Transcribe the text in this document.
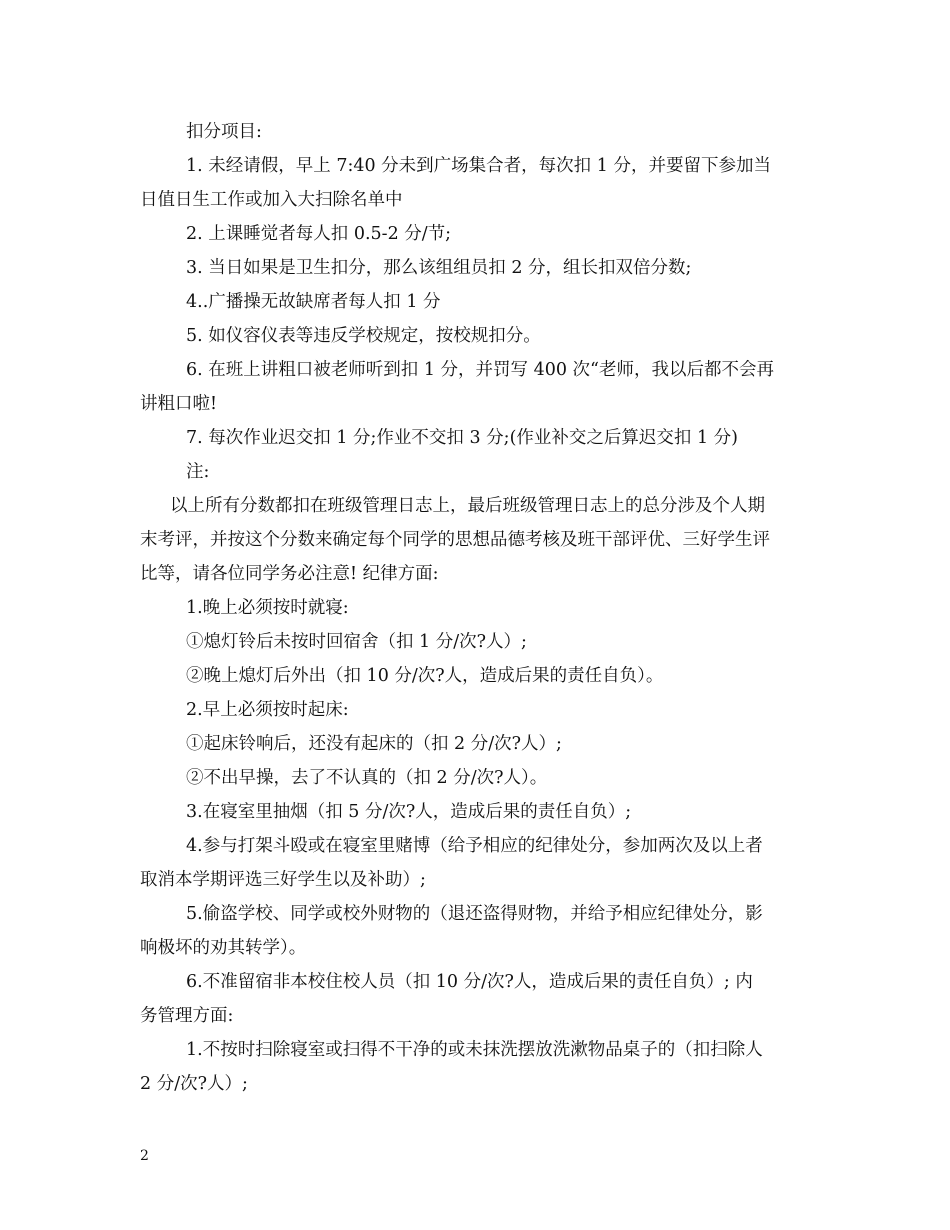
扣分项目:
1. 未经请假，早上 7:40 分未到广场集合者，每次扣 1 分，并要留下参加当
日值日生工作或加入大扫除名单中
2. 上课睡觉者每人扣 0.5-2 分/节;
3. 当日如果是卫生扣分，那么该组组员扣 2 分，组长扣双倍分数;
4..广播操无故缺席者每人扣 1 分
5. 如仪容仪表等违反学校规定，按校规扣分。
6. 在班上讲粗口被老师听到扣 1 分，并罚写 400 次“老师，我以后都不会再
讲粗口啦!
7. 每次作业迟交扣 1 分;作业不交扣 3 分;(作业补交之后算迟交扣 1 分)
注:
以上所有分数都扣在班级管理日志上，最后班级管理日志上的总分涉及个人期
末考评，并按这个分数来确定每个同学的思想品德考核及班干部评优、三好学生评
比等，请各位同学务必注意! 纪律方面:
1.晚上必须按时就寝:
①熄灯铃后未按时回宿舍（扣 1 分/次?人）;
②晚上熄灯后外出（扣 10 分/次?人，造成后果的责任自负）。
2.早上必须按时起床:
①起床铃响后，还没有起床的（扣 2 分/次?人）;
②不出早操，去了不认真的（扣 2 分/次?人）。
3.在寝室里抽烟（扣 5 分/次?人，造成后果的责任自负）;
4.参与打架斗殴或在寝室里赌博（给予相应的纪律处分，参加两次及以上者
取消本学期评选三好学生以及补助）;
5.偷盗学校、同学或校外财物的（退还盗得财物，并给予相应纪律处分，影
响极坏的劝其转学）。
6.不准留宿非本校住校人员（扣 10 分/次?人，造成后果的责任自负）; 内
务管理方面:
1.不按时扫除寝室或扫得不干净的或未抹洗摆放洗漱物品桌子的（扣扫除人
2 分/次?人）;
2
